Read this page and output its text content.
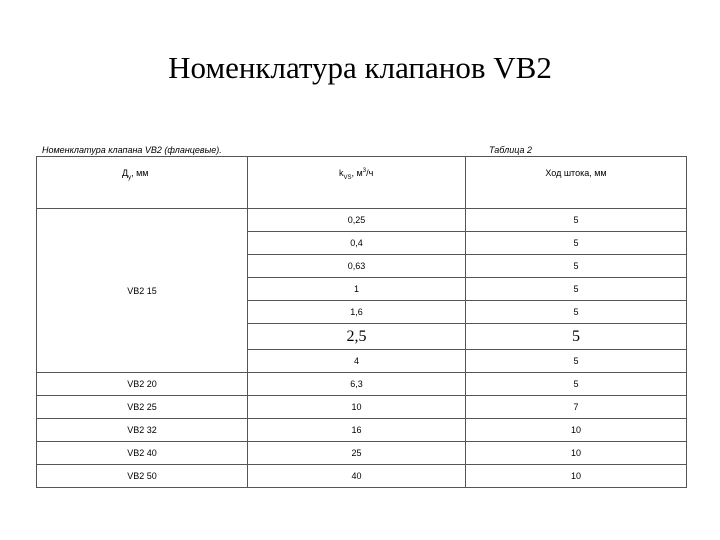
Номенклатура клапанов VB2
Номенклатура клапана VB2 (фланцевые).	Таблица 2
$Д_у$, мм	$k_{VS}$, $м^3/ч$	Ход штока, мм
VB2 15	0,25	5
	0,4	5
	0,63	5
	1	5
	1,6	5
	2,5	5
	4	5
VB2 20	6,3	5
VB2 25	10	7
VB2 32	16	10
VB2 40	25	10
VB2 50	40	10
